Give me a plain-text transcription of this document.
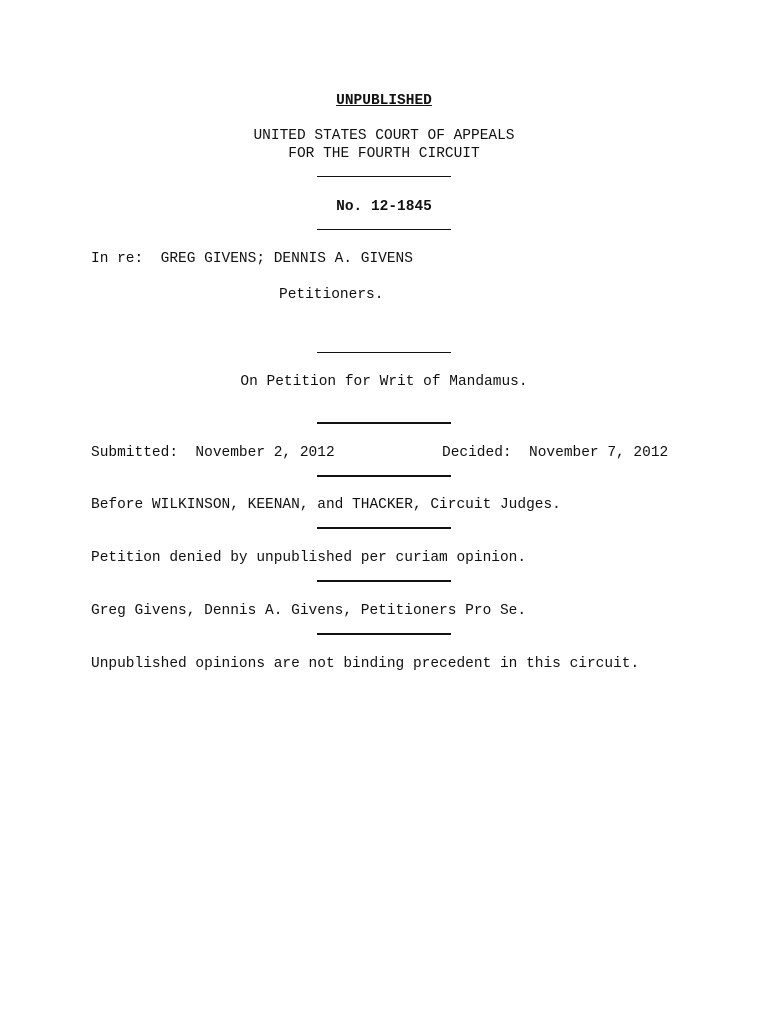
UNPUBLISHED
UNITED STATES COURT OF APPEALS
FOR THE FOURTH CIRCUIT
No. 12-1845
In re:  GREG GIVENS; DENNIS A. GIVENS
Petitioners.
On Petition for Writ of Mandamus.
Submitted:  November 2, 2012	Decided:  November 7, 2012
Before WILKINSON, KEENAN, and THACKER, Circuit Judges.
Petition denied by unpublished per curiam opinion.
Greg Givens, Dennis A. Givens, Petitioners Pro Se.
Unpublished opinions are not binding precedent in this circuit.
